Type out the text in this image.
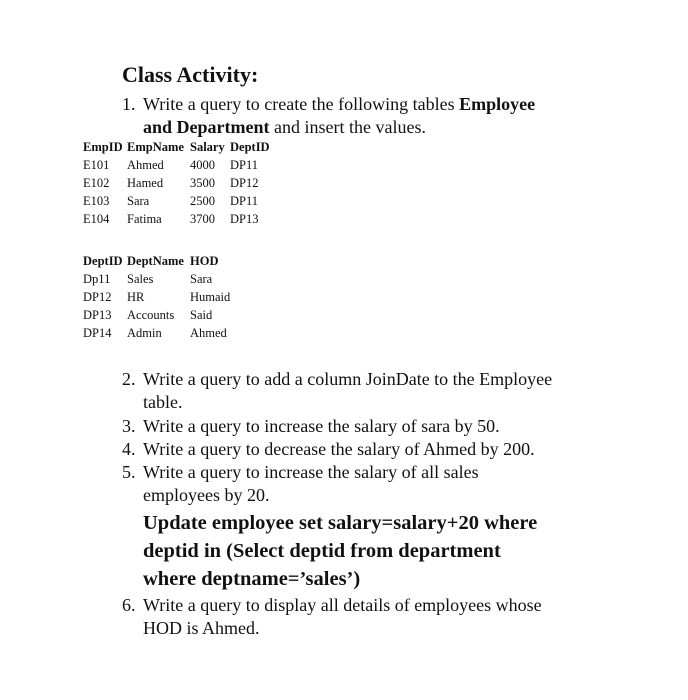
Class Activity:
1. Write a query to create the following tables Employee
and Department and insert the values.
EmpID	EmpName	Salary	DeptID
E101	Ahmed	4000	DP11
E102	Hamed	3500	DP12
E103	Sara	2500	DP11
E104	Fatima	3700	DP13
DeptID	DeptName	HOD
Dp11	Sales	Sara
DP12	HR	Humaid
DP13	Accounts	Said
DP14	Admin	Ahmed
2. Write a query to add a column JoinDate to the Employee
table.
3. Write a query to increase the salary of sara by 50.
4. Write a query to decrease the salary of Ahmed by 200.
5. Write a query to increase the salary of all sales
employees by 20.
Update employee set salary=salary+20 where
deptid in (Select deptid from department
where deptname=’sales’)
6. Write a query to display all details of employees whose
HOD is Ahmed.
